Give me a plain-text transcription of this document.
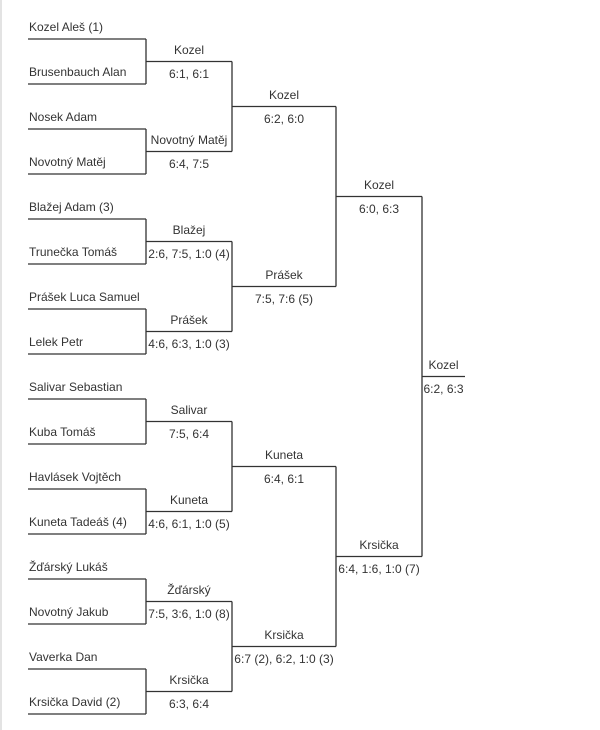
Kozel Aleš (1)
Brusenbauch Alan
Nosek Adam
Novotný Matěj
Blažej Adam (3)
Trunečka Tomáš
Prášek Luca Samuel
Lelek Petr
Salivar Sebastian
Kuba Tomáš
Havlásek Vojtěch
Kuneta Tadeáš (4)
Žďárský Lukáš
Novotný Jakub
Vaverka Dan
Krsička David (2)
Kozel
6:1, 6:1
Novotný Matěj
6:4, 7:5
Blažej
2:6, 7:5, 1:0 (4)
Prášek
4:6, 6:3, 1:0 (3)
Salivar
7:5, 6:4
Kuneta
4:6, 6:1, 1:0 (5)
Žďárský
7:5, 3:6, 1:0 (8)
Krsička
6:3, 6:4
Kozel
6:2, 6:0
Prášek
7:5, 7:6 (5)
Kuneta
6:4, 6:1
Krsička
6:7 (2), 6:2, 1:0 (3)
Kozel
6:0, 6:3
Krsička
6:4, 1:6, 1:0 (7)
Kozel
6:2, 6:3
